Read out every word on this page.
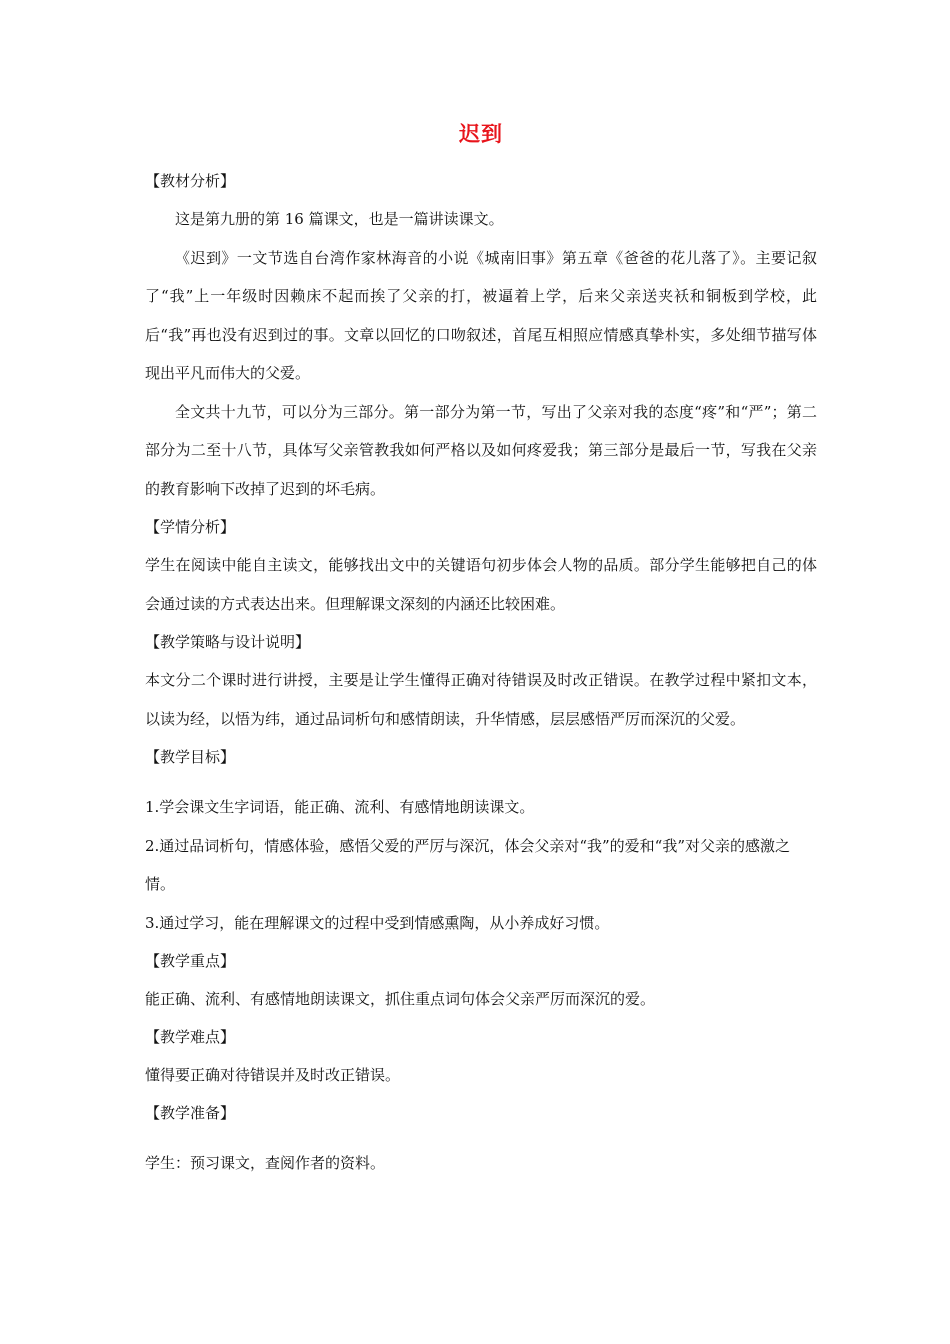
迟到

【教材分析】

这是第九册的第 16 篇课文，也是一篇讲读课文。

《迟到》一文节选自台湾作家林海音的小说《城南旧事》第五章《爸爸的花儿落了》。主要记叙了“我”上一年级时因赖床不起而挨了父亲的打，被逼着上学，后来父亲送夹袄和铜板到学校，此后“我”再也没有迟到过的事。文章以回忆的口吻叙述，首尾互相照应情感真挚朴实，多处细节描写体现出平凡而伟大的父爱。

全文共十九节，可以分为三部分。第一部分为第一节，写出了父亲对我的态度“疼”和“严”；第二部分为二至十八节，具体写父亲管教我如何严格以及如何疼爱我；第三部分是最后一节，写我在父亲的教育影响下改掉了迟到的坏毛病。

【学情分析】

学生在阅读中能自主读文，能够找出文中的关键语句初步体会人物的品质。部分学生能够把自己的体会通过读的方式表达出来。但理解课文深刻的内涵还比较困难。

【教学策略与设计说明】

本文分二个课时进行讲授，主要是让学生懂得正确对待错误及时改正错误。在教学过程中紧扣文本，以读为经，以悟为纬，通过品词析句和感情朗读，升华情感，层层感悟严厉而深沉的父爱。

【教学目标】

1.学会课文生字词语，能正确、流利、有感情地朗读课文。

2.通过品词析句，情感体验，感悟父爱的严厉与深沉，体会父亲对“我”的爱和“我”对父亲的感激之情。

3.通过学习，能在理解课文的过程中受到情感熏陶，从小养成好习惯。

【教学重点】

能正确、流利、有感情地朗读课文，抓住重点词句体会父亲严厉而深沉的爱。

【教学难点】

懂得要正确对待错误并及时改正错误。

【教学准备】

学生：预习课文，查阅作者的资料。
